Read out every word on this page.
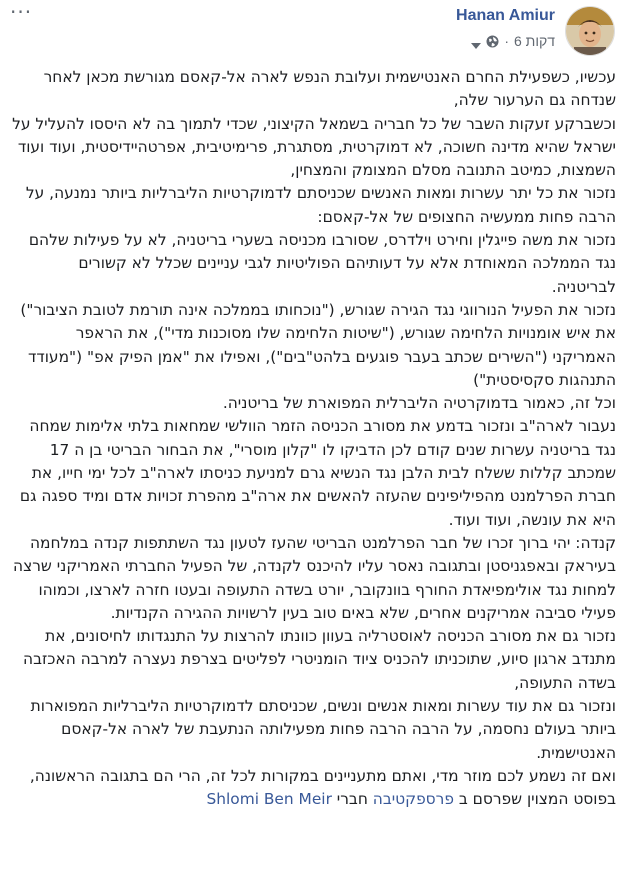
···	Hanan Amiur
6 דקות
·

עכשיו, כשפעילת החרם האנטישמית ועלובת הנפש לארה אל-קאסם מגורשת מכאן לאחר שנדחה גם הערעור שלה,

וכשברקע זעקות השבר של כל חבריה בשמאל הקיצוני, שכדי לתמוך בה לא היססו להעליל על ישראל שהיא מדינה חשוכה, לא דמוקרטית, מסתגרת, פרימיטיבית, אפרטהיידיסטית, ועוד ועוד השמצות, כמיטב התנובה מסלם המצומק והמצחין,

נזכור את כל יתר עשרות ומאות האנשים שכניסתם לדמוקרטיות הליברליות ביותר נמנעה, על הרבה פחות ממעשיה החצופים של אל-קאסם:

נזכור את משה פייגלין וחירט וילדרס, שסורבו מכניסה בשערי בריטניה, לא על פעילות שלהם נגד הממלכה המאוחדת אלא על דעותיהם הפוליטיות לגבי עניינים שכלל לא קשורים לבריטניה.

נזכור את הפעיל הנורווגי נגד הגירה שגורש, ("נוכחותו בממלכה אינה תורמת לטובת הציבור") את איש אומנויות הלחימה שגורש, ("שיטות הלחימה שלו מסוכנות מדי"), את הראפר האמריקני ("השירים שכתב בעבר פוגעים בלהט"בים"), ואפילו את "אמן הפיק אפ" ("מעודד התנהגות סקסיסטית")

וכל זה, כאמור בדמוקרטיה הליברלית המפוארת של בריטניה.

נעבור לארה"ב ונזכור בדמע את מסורב הכניסה הזמר הוולשי שמחאות בלתי אלימות שמחה נגד בריטניה עשרות שנים קודם לכן הדביקו לו "קלון מוסרי", את הבחור הבריטי בן ה 17 שמכתב קללות ששלח לבית הלבן נגד הנשיא גרם למניעת כניסתו לארה"ב לכל ימי חייו, את חברת הפרלמנט מהפיליפינים שהעזה להאשים את ארה"ב מהפרת זכויות אדם ומיד ספגה גם היא את עונשה, ועוד ועוד.

קנדה: יהי ברוך זכרו של חבר הפרלמנט הבריטי שהעז לטעון נגד השתתפות קנדה במלחמה בעיראק ובאפגניסטן ובתגובה נאסר עליו להיכנס לקנדה, של הפעיל החברתי האמריקני שרצה למחות נגד אולימפיאדת החורף בוונקובר, יורט בשדה התעופה ובעטו חזרה לארצו, וכמוהו פעילי סביבה אמריקנים אחרים, שלא באים טוב בעין לרשויות ההגירה הקנדיות.

נזכור גם את מסורב הכניסה לאוסטרליה בעוון כוונתו להרצות על התנגדותו לחיסונים, את מתנדב ארגון סיוע, שתוכניתו להכניס ציוד הומניטרי לפליטים בצרפת נעצרה למרבה האכזבה בשדה התעופה,

ונזכור גם את עוד עשרות ומאות אנשים ונשים, שכניסתם לדמוקרטיות הליברליות המפוארות ביותר בעולם נחסמה, על הרבה הרבה פחות מפעילותה הנתעבת של לארה אל-קאסם האנטישמית.

ואם זה נשמע לכם מוזר מדי, ואתם מתעניינים במקורות לכל זה, הרי הם בתגובה הראשונה, בפוסט המצוין שפרסם ב פרספקטיבה חברי Shlomi Ben Meir
